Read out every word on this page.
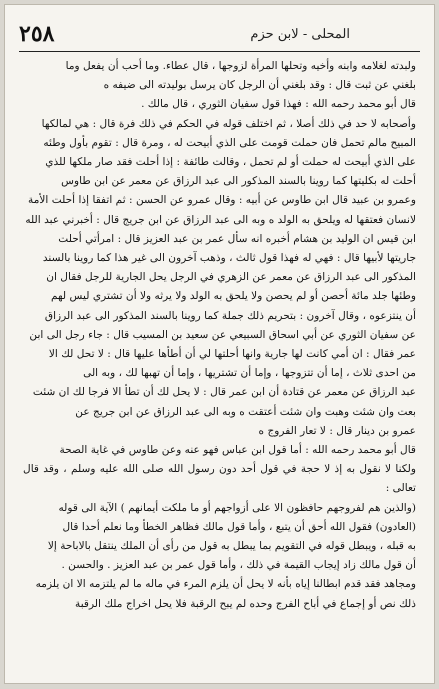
٢٥٨	المحلى - لابن حزم

ولبدته لغلامه وابنه وأخيه وتحلها المرأة لزوجها ، قال عطاء. وما أحب أن يفعل وما

بلغني عن ثبت قال : وقد بلغني أن الرجل كان يرسل بوليدته الى ضيفه ه

قال أبو محمد رحمه الله : فهذا قول سفيان الثوري ، قال مالك .

وأصحابه لا حد في ذلك أصلا ، ثم اختلف قوله في الحكم في ذلك فرة قال : هي لمالكها

المبيح مالم تحمل فان حملت قومت على الذي أبيحت له ، ومرة قال : تقوم بأول وطئه

على الذي أبيحت له حملت أو لم تحمل ، وقالت طائفة : إذا أحلت فقد صار ملكها للذي

أحلت له بكليتها كما روينا بالسند المذكور الى عبد الرزاق عن معمر عن ابن طاوس

وعمرو بن عبيد قال ابن طاوس عن أبيه : وقال عمرو عن الحسن : ثم اتفقا إذا أحلت الأمة

لانسان فعتقها له ويلحق به الولد ه وبه الى عبد الرزاق عن ابن جريج قال : أخبرني عبد الله

ابن قيس ان الوليد بن هشام أخبره انه سأل عمر بن عبد العزيز قال : امرأتي أحلت

جاريتها لأبيها قال : فهي له فهذا قول ثالث ، وذهب آخرون الى غير هذا كما روينا بالسند

المذكور الى عبد الرزاق عن معمر عن الزهري في الرجل يحل الجارية للرجل فقال ان

وطئها جلد مائة أحصن أو لم يحصن ولا يلحق به الولد ولا يرثه ولا أن تشتري ليس لهم

أن ينتزعوه ، وقال آخرون : بتحريم ذلك جملة كما روينا بالسند المذكور الى عبد الرزاق

عن سفيان الثوري عن أبي اسحاق السبيعي عن سعيد بن المسيب قال : جاء رجل الى ابن

عمر فقال : ان أمي كانت لها جارية وانها أحلتها لي أن أطأها عليها قال : لا تحل لك الا

من احدى ثلاث ، إما أن تتزوجها ، وإما أن تشتريها ، وإما أن تهبها لك ، وبه الى

عبد الرزاق عن معمر عن قتادة أن ابن عمر قال : لا يحل لك أن تطأ الا فرجا لك ان شئت

بعت وان شئت وهبت وان شئت أعتقت ه وبه الى عبد الرزاق عن ابن جريج عن

عمرو بن دينار قال : لا تعار الفروج ه

قال أبو محمد رحمه الله : أما قول ابن عباس فهو عنه وعن طاوس في غاية الصحة

ولكنا لا نقول به إذ لا حجة في قول أحد دون رسول الله صلى الله عليه وسلم ، وقد قال تعالى :

(والذين هم لفروجهم حافظون الا على أزواجهم أو ما ملكت أيمانهم ) الآية الى قوله

(العادون) فقول الله أحق أن يتبع ، وأما قول مالك فظاهر الخطأ وما نعلم أحدا قال

به قبله ، ويبطل قوله في التقويم بما يبطل به قول من رأى أن الملك ينتقل بالاباحة إلا

أن قول مالك زاد إيجاب القيمة في ذلك ، وأما قول عمر بن عبد العزيز . والحسن .

ومجاهد فقد قدم ابطالنا إياه بأنه لا يحل أن يلزم المرء في ماله ما لم يلتزمه الا ان يلزمه

ذلك نص أو إجماع في أباح الفرج وحده لم يبح الرقبة فلا يحل اخراج ملك الرقبة
